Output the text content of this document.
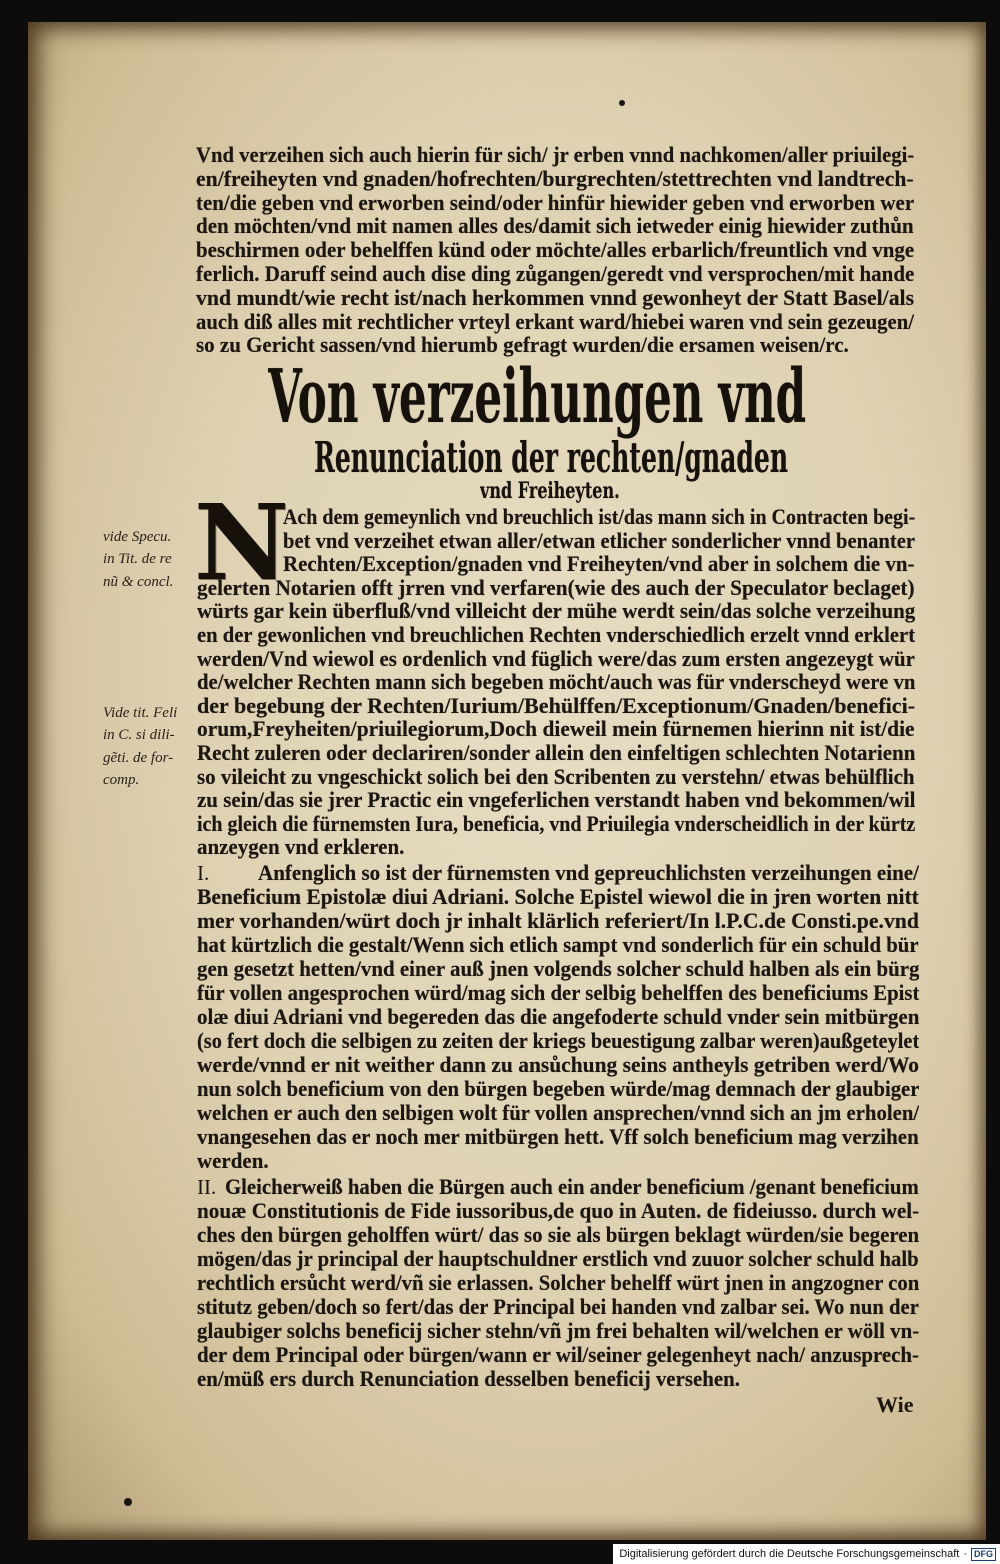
Vnd verzeihen sich auch hierin für sich/ jr erben vnnd nachkomen/aller priuilegi-
en/freiheyten vnd gnaden/hofrechten/burgrechten/stettrechten vnd landtrech-
ten/die geben vnd erworben seind/oder hinfür hiewider geben vnd erworben wer
den möchten/vnd mit namen alles des/damit sich ietweder einig hiewider zuthůn
beschirmen oder behelffen künd oder möchte/alles erbarlich/freuntlich vnd vnge
ferlich. Daruff seind auch dise ding zůgangen/geredt vnd versprochen/mit hande
vnd mundt/wie recht ist/nach herkommen vnnd gewonheyt der Statt Basel/als
auch diß alles mit rechtlicher vrteyl erkant ward/hiebei waren vnd sein gezeugen/
so zu Gericht sassen/vnd hierumb gefragt wurden/die ersamen weisen/rc.
Von verzeihungen vnd
Renunciation der rechten/gnaden
vnd Freiheyten.
vide Specu.
in Tit. de re
nũ & concl.
Vide tit. Feli
in C. si dili-
gẽti. de for-
comp.
N
Ach dem gemeynlich vnd breuchlich ist/das mann sich in Contracten begi-
bet vnd verzeihet etwan aller/etwan etlicher sonderlicher vnnd benanter
Rechten/Exception/gnaden vnd Freiheyten/vnd aber in solchem die vn-
gelerten Notarien offt jrren vnd verfaren(wie des auch der Speculator beclaget)
würts gar kein überfluß/vnd villeicht der mühe werdt sein/das solche verzeihung
en der gewonlichen vnd breuchlichen Rechten vnderschiedlich erzelt vnnd erklert
werden/Vnd wiewol es ordenlich vnd füglich were/das zum ersten angezeygt wür
de/welcher Rechten mann sich begeben möcht/auch was für vnderscheyd were vn
der begebung der Rechten/Iurium/Behülffen/Exceptionum/Gnaden/benefici-
orum,Freyheiten/priuilegiorum,Doch dieweil mein fürnemen hierinn nit ist/die
Recht zuleren oder declariren/sonder allein den einfeltigen schlechten Notarienn
so vileicht zu vngeschickt solich bei den Scribenten zu verstehn/ etwas behülflich
zu sein/das sie jrer Practic ein vngeferlichen verstandt haben vnd bekommen/wil
ich gleich die fürnemsten Iura, beneficia, vnd Priuilegia vnderscheidlich in der kürtz
anzeygen vnd erkleren.
I.	Anfenglich so ist der fürnemsten vnd gepreuchlichsten verzeihungen eine/
Beneficium Epistolæ diui Adriani. Solche Epistel wiewol die in jren worten nitt
mer vorhanden/würt doch jr inhalt klärlich referiert/In l.P.C.de Consti.pe.vnd
hat kürtzlich die gestalt/Wenn sich etlich sampt vnd sonderlich für ein schuld bür
gen gesetzt hetten/vnd einer auß jnen volgends solcher schuld halben als ein bürg
für vollen angesprochen würd/mag sich der selbig behelffen des beneficiums Epist
olæ diui Adriani vnd begereden das die angefoderte schuld vnder sein mitbürgen
(so fert doch die selbigen zu zeiten der kriegs beuestigung zalbar weren)außgeteylet
werde/vnnd er nit weither dann zu ansůchung seins antheyls getriben werd/Wo
nun solch beneficium von den bürgen begeben würde/mag demnach der glaubiger
welchen er auch den selbigen wolt für vollen ansprechen/vnnd sich an jm erholen/
vnangesehen das er noch mer mitbürgen hett. Vff solch beneficium mag verzihen
werden.
II. Gleicherweiß haben die Bürgen auch ein ander beneficium /genant beneficium
nouæ Constitutionis de Fide iussoribus,de quo in Auten. de fideiusso. durch wel-
ches den bürgen geholffen würt/ das so sie als bürgen beklagt würden/sie begeren
mögen/das jr principal der hauptschuldner erstlich vnd zuuor solcher schuld halb
rechtlich ersůcht werd/vñ sie erlassen. Solcher behelff würt jnen in angzogner con
stitutz geben/doch so fert/das der Principal bei handen vnd zalbar sei. Wo nun der
glaubiger solchs beneficij sicher stehn/vñ jm frei behalten wil/welchen er wöll vn-
der dem Principal oder bürgen/wann er wil/seiner gelegenheyt nach/ anzusprech-
en/müß ers durch Renunciation desselben beneficij versehen.
Wie
Digitalisierung gefördert durch die Deutsche Forschungsgemeinschaft · DFG
